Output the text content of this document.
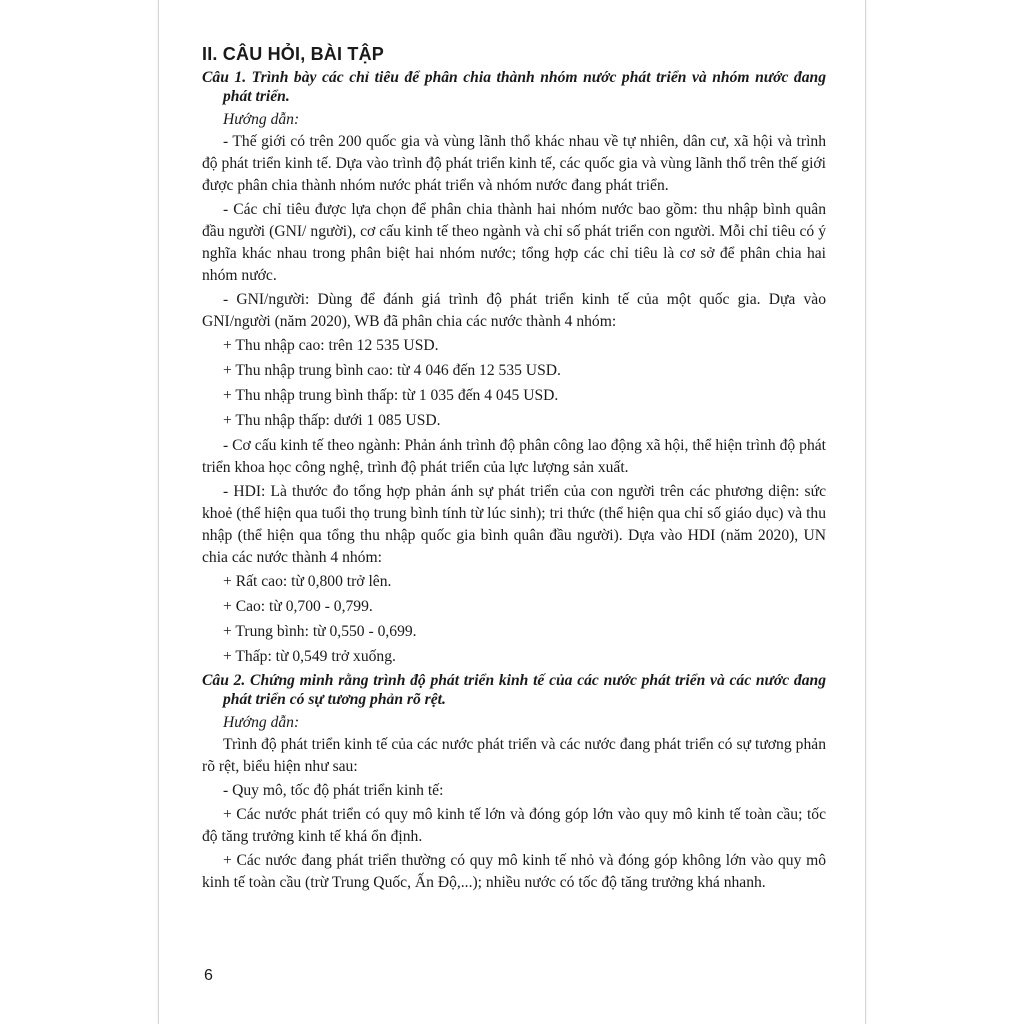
II. CÂU HỎI, BÀI TẬP
Câu 1. Trình bày các chỉ tiêu để phân chia thành nhóm nước phát triển và nhóm nước đang phát triển.
Hướng dẫn:

- Thế giới có trên 200 quốc gia và vùng lãnh thổ khác nhau về tự nhiên, dân cư, xã hội và trình độ phát triển kinh tế. Dựa vào trình độ phát triển kinh tế, các quốc gia và vùng lãnh thổ trên thế giới được phân chia thành nhóm nước phát triển và nhóm nước đang phát triển.

- Các chỉ tiêu được lựa chọn để phân chia thành hai nhóm nước bao gồm: thu nhập bình quân đầu người (GNI/ người), cơ cấu kinh tế theo ngành và chỉ số phát triển con người. Mỗi chỉ tiêu có ý nghĩa khác nhau trong phân biệt hai nhóm nước; tổng hợp các chỉ tiêu là cơ sở để phân chia hai nhóm nước.

- GNI/người: Dùng để đánh giá trình độ phát triển kinh tế của một quốc gia. Dựa vào GNI/người (năm 2020), WB đã phân chia các nước thành 4 nhóm:

+ Thu nhập cao: trên 12 535 USD.

+ Thu nhập trung bình cao: từ 4 046 đến 12 535 USD.

+ Thu nhập trung bình thấp: từ 1 035 đến 4 045 USD.

+ Thu nhập thấp: dưới 1 085 USD.

- Cơ cấu kinh tế theo ngành: Phản ánh trình độ phân công lao động xã hội, thể hiện trình độ phát triển khoa học công nghệ, trình độ phát triển của lực lượng sản xuất.

- HDI: Là thước đo tổng hợp phản ánh sự phát triển của con người trên các phương diện: sức khoẻ (thể hiện qua tuổi thọ trung bình tính từ lúc sinh); tri thức (thể hiện qua chỉ số giáo dục) và thu nhập (thể hiện qua tổng thu nhập quốc gia bình quân đầu người). Dựa vào HDI (năm 2020), UN chia các nước thành 4 nhóm:

+ Rất cao: từ 0,800 trở lên.

+ Cao: từ 0,700 - 0,799.

+ Trung bình: từ 0,550 - 0,699.

+ Thấp: từ 0,549 trở xuống.

Câu 2. Chứng minh rằng trình độ phát triển kinh tế của các nước phát triển và các nước đang phát triển có sự tương phản rõ rệt.
Hướng dẫn:

Trình độ phát triển kinh tế của các nước phát triển và các nước đang phát triển có sự tương phản rõ rệt, biểu hiện như sau:

- Quy mô, tốc độ phát triển kinh tế:

+ Các nước phát triển có quy mô kinh tế lớn và đóng góp lớn vào quy mô kinh tế toàn cầu; tốc độ tăng trưởng kinh tế khá ổn định.

+ Các nước đang phát triển thường có quy mô kinh tế nhỏ và đóng góp không lớn vào quy mô kinh tế toàn cầu (trừ Trung Quốc, Ấn Độ,...); nhiều nước có tốc độ tăng trưởng khá nhanh.

6
